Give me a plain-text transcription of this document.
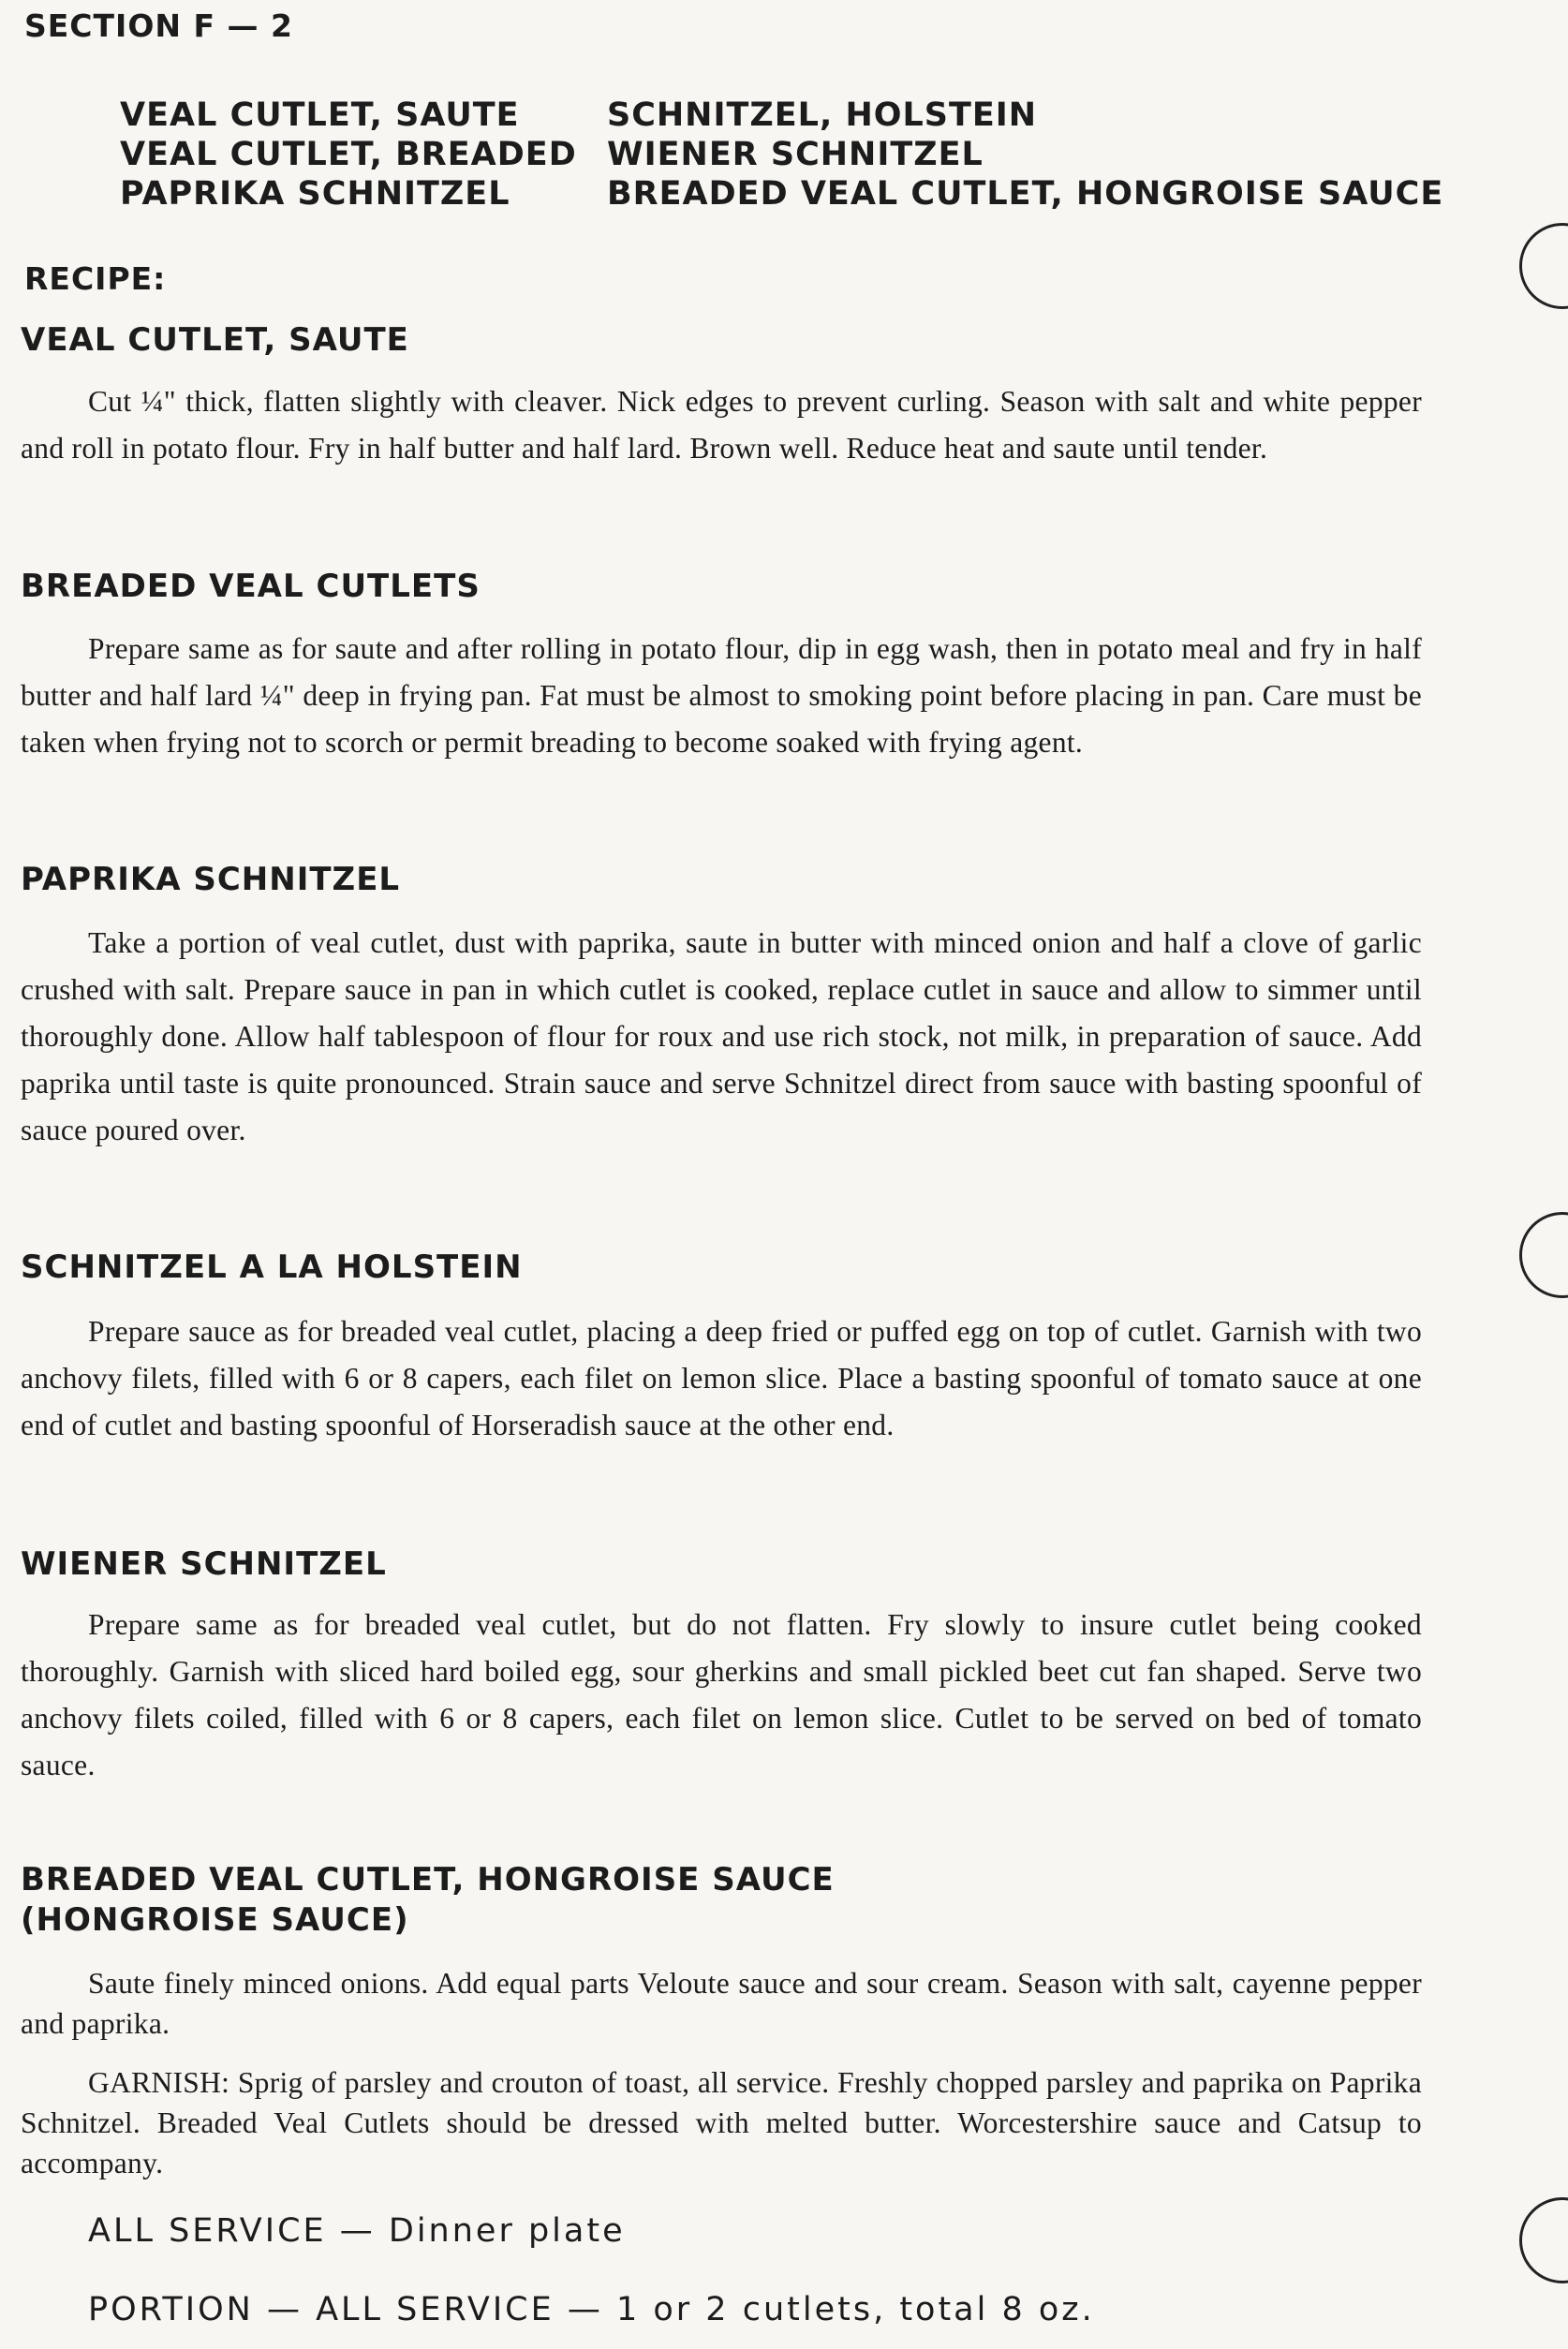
SECTION F — 2
VEAL CUTLET, SAUTE
VEAL CUTLET, BREADED
PAPRIKA SCHNITZEL
SCHNITZEL, HOLSTEIN
WIENER SCHNITZEL
BREADED VEAL CUTLET, HONGROISE SAUCE
RECIPE:
VEAL CUTLET, SAUTE
Cut ¼" thick, flatten slightly with cleaver. Nick edges to prevent curling. Season with salt and white pepper and roll in potato flour. Fry in half butter and half lard. Brown well. Reduce heat and saute until tender.
BREADED VEAL CUTLETS
Prepare same as for saute and after rolling in potato flour, dip in egg wash, then in potato meal and fry in half butter and half lard ¼" deep in frying pan. Fat must be almost to smoking point before placing in pan. Care must be taken when frying not to scorch or permit breading to become soaked with frying agent.
PAPRIKA SCHNITZEL
Take a portion of veal cutlet, dust with paprika, saute in butter with minced onion and half a clove of garlic crushed with salt. Prepare sauce in pan in which cutlet is cooked, replace cutlet in sauce and allow to simmer until thoroughly done. Allow half tablespoon of flour for roux and use rich stock, not milk, in preparation of sauce. Add paprika until taste is quite pronounced. Strain sauce and serve Schnitzel direct from sauce with basting spoonful of sauce poured over.
SCHNITZEL A LA HOLSTEIN
Prepare sauce as for breaded veal cutlet, placing a deep fried or puffed egg on top of cutlet. Garnish with two anchovy filets, filled with 6 or 8 capers, each filet on lemon slice. Place a basting spoonful of tomato sauce at one end of cutlet and basting spoonful of Horseradish sauce at the other end.
WIENER SCHNITZEL
Prepare same as for breaded veal cutlet, but do not flatten. Fry slowly to insure cutlet being cooked thoroughly. Garnish with sliced hard boiled egg, sour gherkins and small pickled beet cut fan shaped. Serve two anchovy filets coiled, filled with 6 or 8 capers, each filet on lemon slice. Cutlet to be served on bed of tomato sauce.
BREADED VEAL CUTLET, HONGROISE SAUCE
(HONGROISE SAUCE)
Saute finely minced onions. Add equal parts Veloute sauce and sour cream. Season with salt, cayenne pepper and paprika.
GARNISH: Sprig of parsley and crouton of toast, all service. Freshly chopped parsley and paprika on Paprika Schnitzel. Breaded Veal Cutlets should be dressed with melted butter. Worcestershire sauce and Catsup to accompany.
ALL SERVICE — Dinner plate
PORTION — ALL SERVICE — 1 or 2 cutlets, total 8 oz.
